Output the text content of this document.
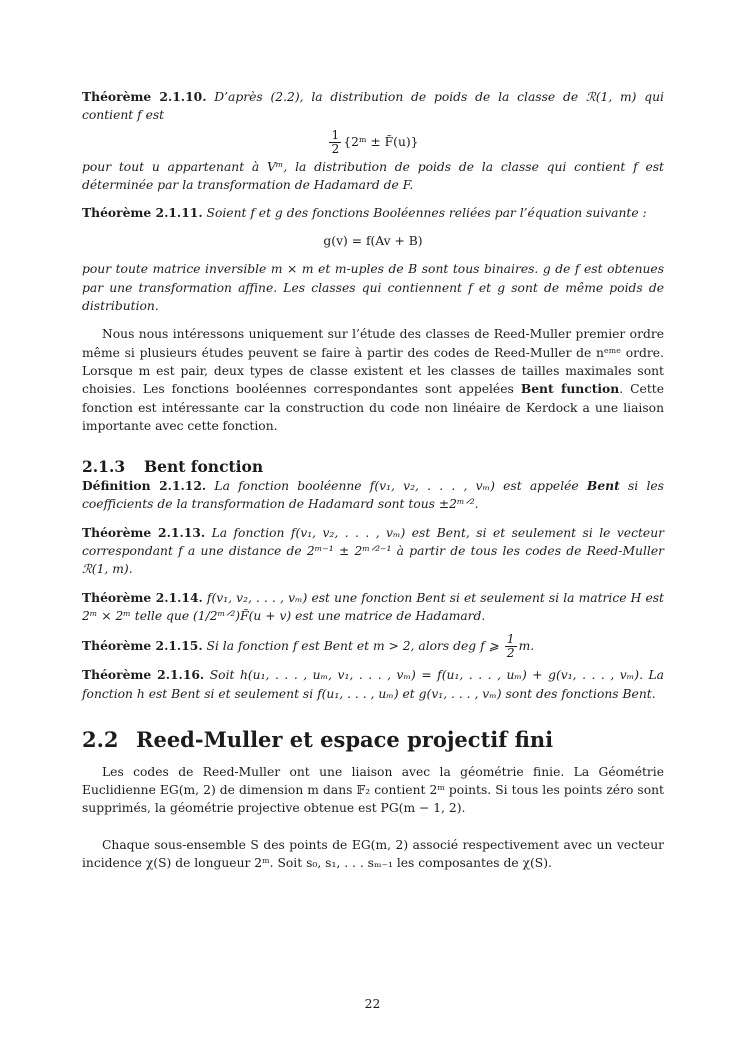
Théorème 2.1.10. D’après (2.2), la distribution de poids de la classe de ℛ(1, m) qui contient f est

$\frac{1}{2}$ {2ᵐ ± F̃(u)}

pour tout u appartenant à Vᵐ, la distribution de poids de la classe qui contient f est déterminée par la transformation de Hadamard de F.

Théorème 2.1.11. Soient f et g des fonctions Booléennes reliées par l’équation suivante :

g(v) = f(Av + B)

pour toute matrice inversible m × m et m-uples de B sont tous binaires. g de f est obtenues par une transformation affine. Les classes qui contiennent f et g sont de même poids de distribution.

Nous nous intéressons uniquement sur l’étude des classes de Reed-Muller premier ordre même si plusieurs études peuvent se faire à partir des codes de Reed-Muller de nᵉᵐᵉ ordre. Lorsque m est pair, deux types de classe existent et les classes de tailles maximales sont choisies. Les fonctions booléennes correspondantes sont appelées Bent function. Cette fonction est intéressante car la construction du code non linéaire de Kerdock a une liaison importante avec cette fonction.

2.1.3 Bent fonction

Définition 2.1.12. La fonction booléenne f(v₁, v₂, . . . , vₘ) est appelée Bent si les coefficients de la transformation de Hadamard sont tous ±2ᵐᐟ².

Théorème 2.1.13. La fonction f(v₁, v₂, . . . , vₘ) est Bent, si et seulement si le vecteur correspondant f a une distance de 2ᵐ⁻¹ ± 2ᵐᐟ²⁻¹ à partir de tous les codes de Reed-Muller ℛ(1, m).

Théorème 2.1.14. f(v₁, v₂, . . . , vₘ) est une fonction Bent si et seulement si la matrice H est 2ᵐ × 2ᵐ telle que (1/2ᵐᐟ²)F̃(u + v) est une matrice de Hadamard.

Théorème 2.1.15. Si la fonction f est Bent et m > 2, alors deg f ⩾ $\frac{1}{2} m$.

Théorème 2.1.16. Soit h(u₁, . . . , uₘ, v₁, . . . , vₘ) = f(u₁, . . . , uₘ) + g(v₁, . . . , vₘ). La fonction h est Bent si et seulement si f(u₁, . . . , uₘ) et g(v₁, . . . , vₘ) sont des fonctions Bent.

2.2 Reed-Muller et espace projectif fini

Les codes de Reed-Muller ont une liaison avec la géométrie finie. La Géométrie Euclidienne EG(m, 2) de dimension m dans 𝔽₂ contient 2ᵐ points. Si tous les points zéro sont supprimés, la géométrie projective obtenue est PG(m − 1, 2).

Chaque sous-ensemble S des points de EG(m, 2) associé respectivement avec un vecteur incidence χ(S) de longueur 2ᵐ. Soit s₀, s₁, . . . sₘ₋₁ les composantes de χ(S).

22
